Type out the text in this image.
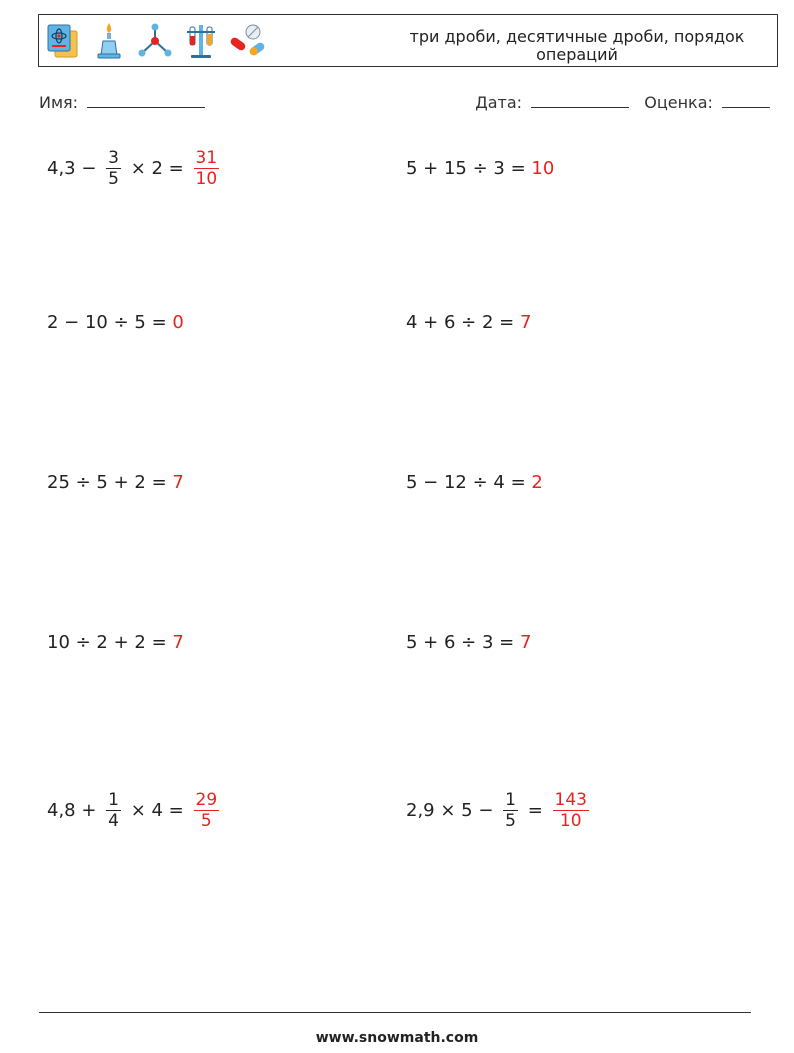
три дроби, десятичные дроби, порядок операций
Имя:	Дата:	Оценка:
$4,3 - \frac{3}{5} \times 2 = \frac{31}{10}$	5 + 15 ÷ 3 = 10
2 − 10 ÷ 5 = 0	4 + 6 ÷ 2 = 7
25 ÷ 5 + 2 = 7	5 − 12 ÷ 4 = 2
10 ÷ 2 + 2 = 7	5 + 6 ÷ 3 = 7
$4,8 + \frac{1}{4} \times 4 = \frac{29}{5}$	$2,9 \times 5 - \frac{1}{5} = \frac{143}{10}$
www.snowmath.com
